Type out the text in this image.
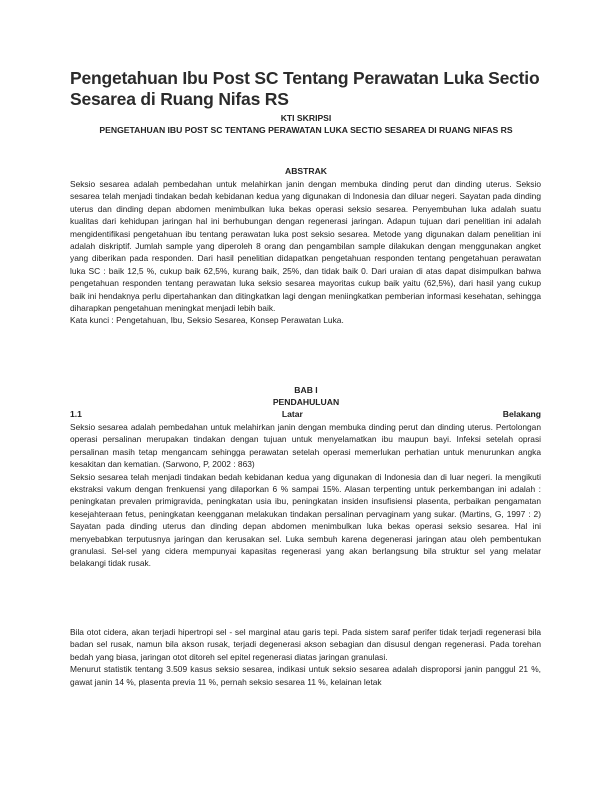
Pengetahuan Ibu Post SC Tentang Perawatan Luka Sectio Sesarea di Ruang Nifas RS
KTI SKRIPSI
PENGETAHUAN IBU POST SC TENTANG PERAWATAN LUKA SECTIO SESAREA DI RUANG NIFAS RS
ABSTRAK

Seksio sesarea adalah pembedahan untuk melahirkan janin dengan membuka dinding perut dan dinding uterus. Seksio sesarea telah menjadi tindakan bedah kebidanan kedua yang digunakan di Indonesia dan diluar negeri. Sayatan pada dinding uterus dan dinding depan abdomen menimbulkan luka bekas operasi seksio sesarea. Penyembuhan luka adalah suatu kualitas dari kehidupan jaringan hal ini berhubungan dengan regenerasi jaringan. Adapun tujuan dari penelitian ini adalah mengidentifikasi pengetahuan ibu tentang perawatan luka post seksio sesarea. Metode yang digunakan dalam penelitian ini adalah diskriptif. Jumlah sample yang diperoleh 8 orang dan pengambilan sample dilakukan dengan menggunakan angket yang diberikan pada responden. Dari hasil penelitian didapatkan pengetahuan responden tentang pengetahuan perawatan luka SC : baik 12,5 %, cukup baik 62,5%, kurang baik, 25%, dan tidak baik 0. Dari uraian di atas dapat disimpulkan bahwa pengetahuan responden tentang perawatan luka seksio sesarea mayoritas cukup baik yaitu (62,5%), dari hasil yang cukup baik ini hendaknya perlu dipertahankan dan ditingkatkan lagi dengan meniingkatkan pemberian informasi kesehatan, sehingga diharapkan pengetahuan meningkat menjadi lebih baik.

Kata kunci : Pengetahuan, Ibu, Seksio Sesarea, Konsep Perawatan Luka.

BAB I
PENDAHULUAN
1.1	Latar	Belakang

Seksio sesarea adalah pembedahan untuk melahirkan janin dengan membuka dinding perut dan dinding uterus. Pertolongan operasi persalinan merupakan tindakan dengan tujuan untuk menyelamatkan ibu maupun bayi. Infeksi setelah oprasi persalinan masih tetap mengancam sehingga perawatan setelah operasi memerlukan perhatian untuk menurunkan angka kesakitan dan kematian. (Sarwono, P, 2002 : 863)

Seksio sesarea telah menjadi tindakan bedah kebidanan kedua yang digunakan di Indonesia dan di luar negeri. Ia mengikuti ekstraksi vakum dengan frenkuensi yang dilaporkan 6 % sampai 15%. Alasan terpenting untuk perkembangan ini adalah : peningkatan prevalen primigravida, peningkatan usia ibu, peningkatan insiden insufisiensi plasenta, perbaikan pengamatan kesejahteraan fetus, peningkatan keengganan melakukan tindakan persalinan pervaginam yang sukar. (Martins, G, 1997 : 2) Sayatan pada dinding uterus dan dinding depan abdomen menimbulkan luka bekas operasi seksio sesarea. Hal ini menyebabkan terputusnya jaringan dan kerusakan sel. Luka sembuh karena degenerasi jaringan atau oleh pembentukan granulasi. Sel-sel yang cidera mempunyai kapasitas regenerasi yang akan berlangsung bila struktur sel yang melatar belakangi tidak rusak.

Bila otot cidera, akan terjadi hipertropi sel - sel marginal atau garis tepi. Pada sistem saraf perifer tidak terjadi regenerasi bila badan sel rusak, namun bila akson rusak, terjadi degenerasi akson sebagian dan disusul dengan regenerasi. Pada torehan bedah yang biasa, jaringan otot ditoreh sel epitel regenerasi diatas jaringan granulasi.

Menurut statistik tentang 3.509 kasus seksio sesarea, indikasi untuk seksio sesarea adalah disproporsi janin panggul 21 %, gawat janin 14 %, plasenta previa 11 %, pernah seksio sesarea 11 %, kelainan letak
